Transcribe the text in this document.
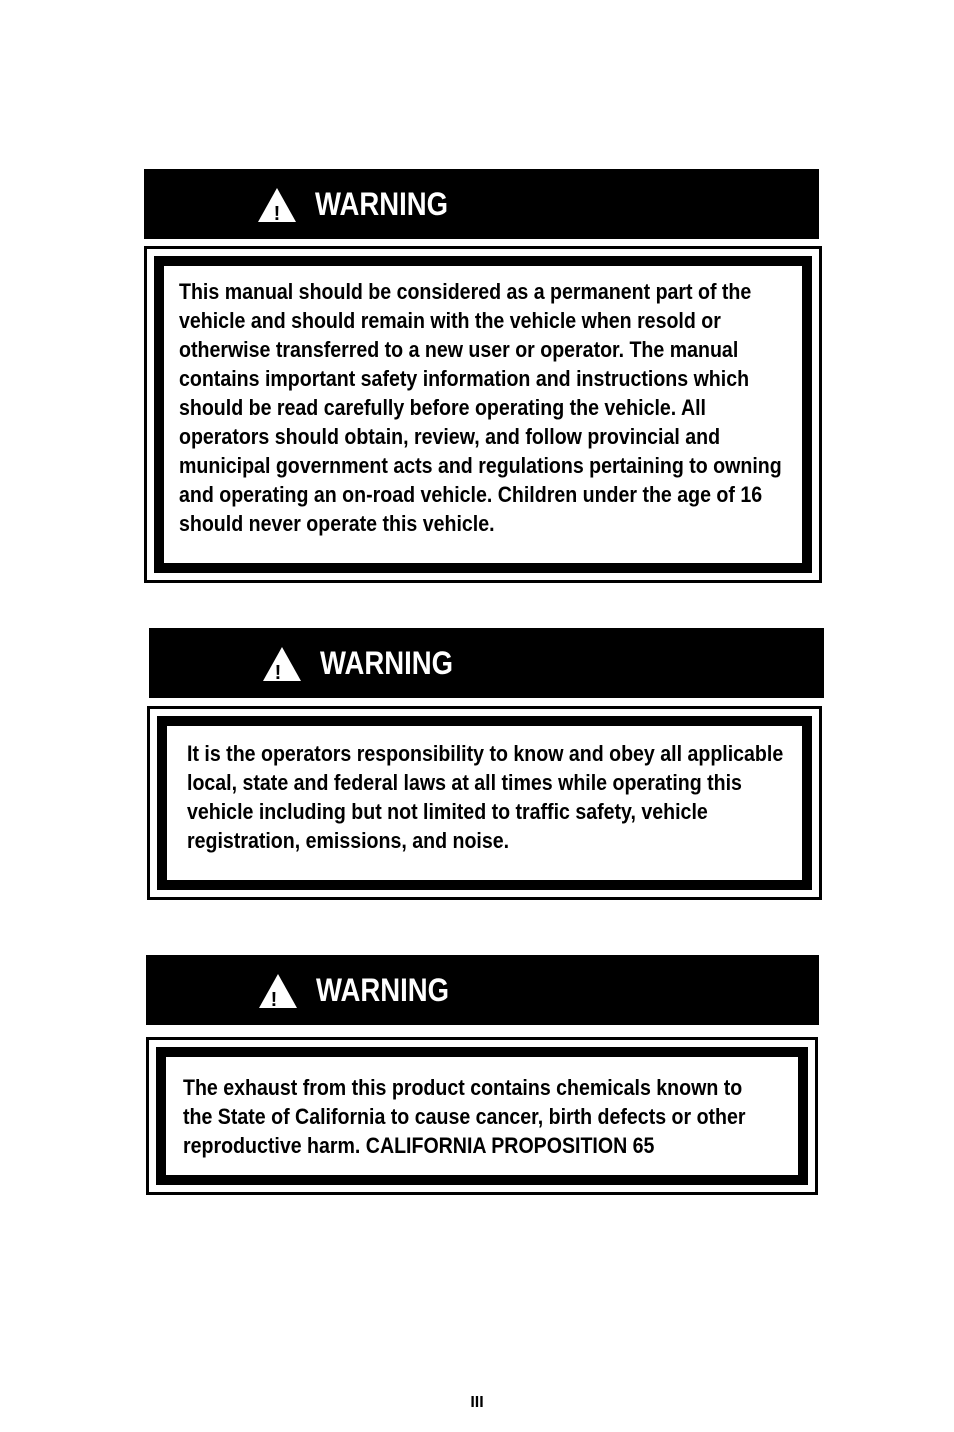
! WARNING
This manual should be considered as a permanent part of the
vehicle and should remain with the vehicle when resold or
otherwise transferred to a new user or operator. The manual
contains important safety information and instructions which
should be read carefully before operating the vehicle. All
operators should obtain, review, and follow provincial and
municipal government acts and regulations pertaining to owning
and operating an on-road vehicle. Children under the age of 16
should never operate this vehicle.
! WARNING
It is the operators responsibility to know and obey all applicable
local, state and federal laws at all times while operating this
vehicle including but not limited to traffic safety, vehicle
registration, emissions, and noise.
! WARNING
The exhaust from this product contains chemicals known to
the State of California to cause cancer, birth defects or other
reproductive harm. CALIFORNIA PROPOSITION 65
III
